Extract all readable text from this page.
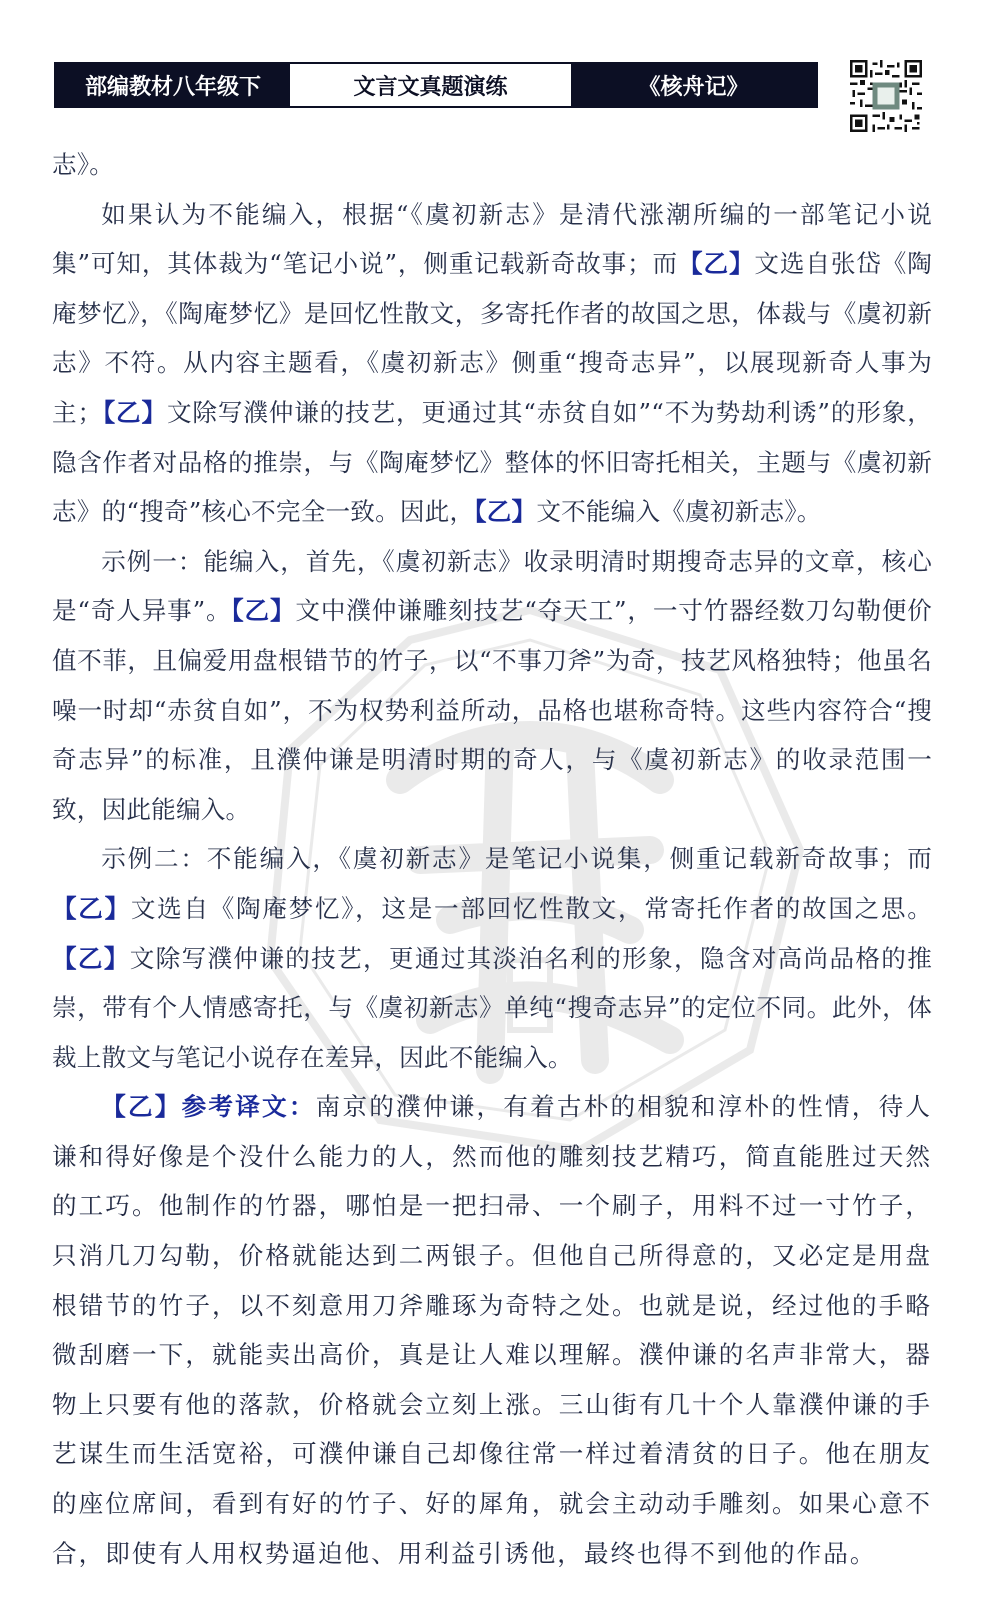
部编教材八年级下	文言文真题演练	《核舟记》

志》。

如果认为不能编入，根据“《虞初新志》是清代涨潮所编的一部笔记小说集”可知，其体裁为“笔记小说”，侧重记载新奇故事；而【乙】文选自张岱《陶庵梦忆》，《陶庵梦忆》是回忆性散文，多寄托作者的故国之思，体裁与《虞初新志》不符。从内容主题看，《虞初新志》侧重“搜奇志异”，以展现新奇人事为主；【乙】文除写濮仲谦的技艺，更通过其“赤贫自如”“不为势劫利诱”的形象，隐含作者对品格的推崇，与《陶庵梦忆》整体的怀旧寄托相关，主题与《虞初新志》的“搜奇”核心不完全一致。因此，【乙】文不能编入《虞初新志》。

示例一：能编入，首先，《虞初新志》收录明清时期搜奇志异的文章，核心是“奇人异事”。【乙】文中濮仲谦雕刻技艺“夺天工”，一寸竹器经数刀勾勒便价值不菲，且偏爱用盘根错节的竹子，以“不事刀斧”为奇，技艺风格独特；他虽名噪一时却“赤贫自如”，不为权势利益所动，品格也堪称奇特。这些内容符合“搜奇志异”的标准，且濮仲谦是明清时期的奇人，与《虞初新志》的收录范围一致，因此能编入。

示例二：不能编入，《虞初新志》是笔记小说集，侧重记载新奇故事；而【乙】文选自《陶庵梦忆》，这是一部回忆性散文，常寄托作者的故国之思。【乙】文除写濮仲谦的技艺，更通过其淡泊名利的形象，隐含对高尚品格的推崇，带有个人情感寄托，与《虞初新志》单纯“搜奇志异”的定位不同。此外，体裁上散文与笔记小说存在差异，因此不能编入。

【乙】参考译文：南京的濮仲谦，有着古朴的相貌和淳朴的性情，待人谦和得好像是个没什么能力的人，然而他的雕刻技艺精巧，简直能胜过天然的工巧。他制作的竹器，哪怕是一把扫帚、一个刷子，用料不过一寸竹子，只消几刀勾勒，价格就能达到二两银子。但他自己所得意的，又必定是用盘根错节的竹子，以不刻意用刀斧雕琢为奇特之处。也就是说，经过他的手略微刮磨一下，就能卖出高价，真是让人难以理解。濮仲谦的名声非常大，器物上只要有他的落款，价格就会立刻上涨。三山街有几十个人靠濮仲谦的手艺谋生而生活宽裕，可濮仲谦自己却像往常一样过着清贫的日子。他在朋友的座位席间，看到有好的竹子、好的犀角，就会主动动手雕刻。如果心意不合，即使有人用权势逼迫他、用利益引诱他，最终也得不到他的作品。
